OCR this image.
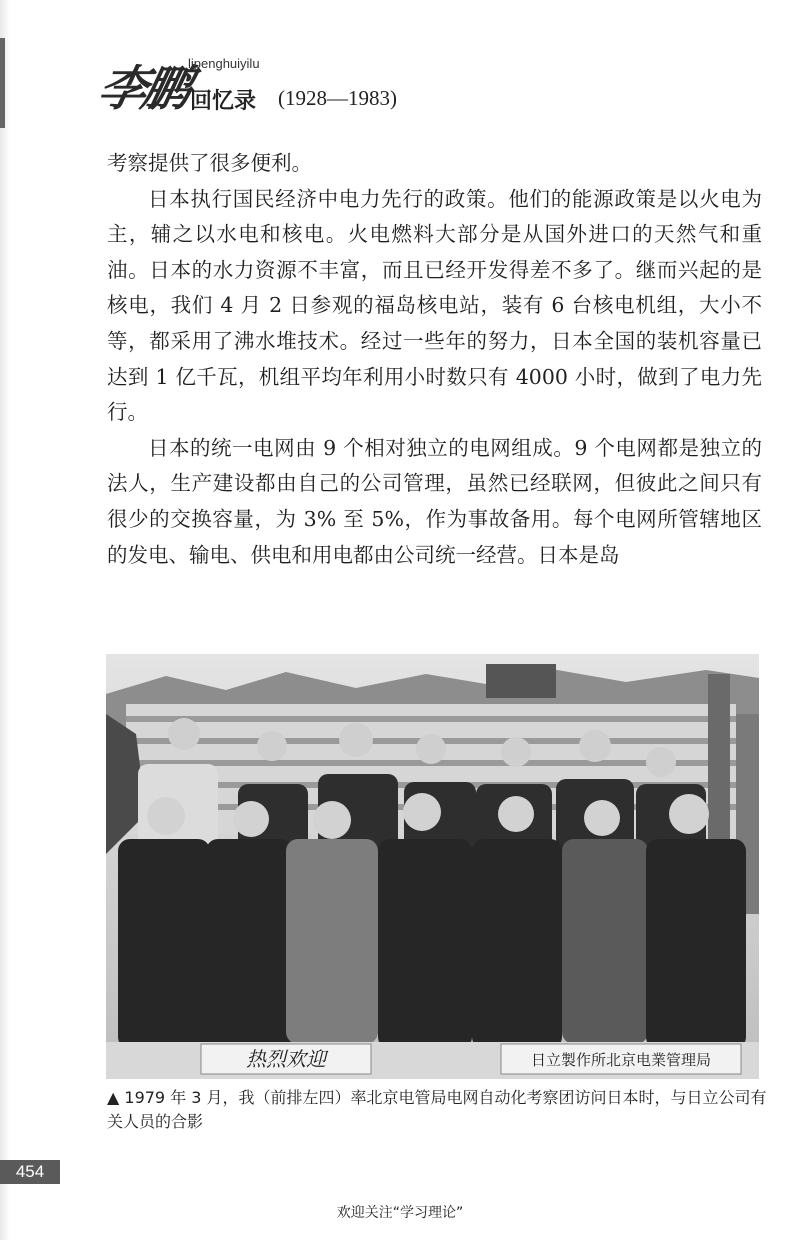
李鹏
lipenghuiyilu
回忆录 (1928—1983)

考察提供了很多便利。

日本执行国民经济中电力先行的政策。他们的能源政策是以火电为主，辅之以水电和核电。火电燃料大部分是从国外进口的天然气和重油。日本的水力资源不丰富，而且已经开发得差不多了。继而兴起的是核电，我们 4 月 2 日参观的福岛核电站，装有 6 台核电机组，大小不等，都采用了沸水堆技术。经过一些年的努力，日本全国的装机容量已达到 1 亿千瓦，机组平均年利用小时数只有 4000 小时，做到了电力先行。

日本的统一电网由 9 个相对独立的电网组成。9 个电网都是独立的法人，生产建设都由自己的公司管理，虽然已经联网，但彼此之间只有很少的交换容量，为 3% 至 5%，作为事故备用。每个电网所管辖地区的发电、输电、供电和用电都由公司统一经营。日本是岛

热烈欢迎	日立製作所北京电業管理局
▲ 1979 年 3 月，我（前排左四）率北京电管局电网自动化考察团访问日本时，与日立公司有关人员的合影
454
欢迎关注“学习理论”
